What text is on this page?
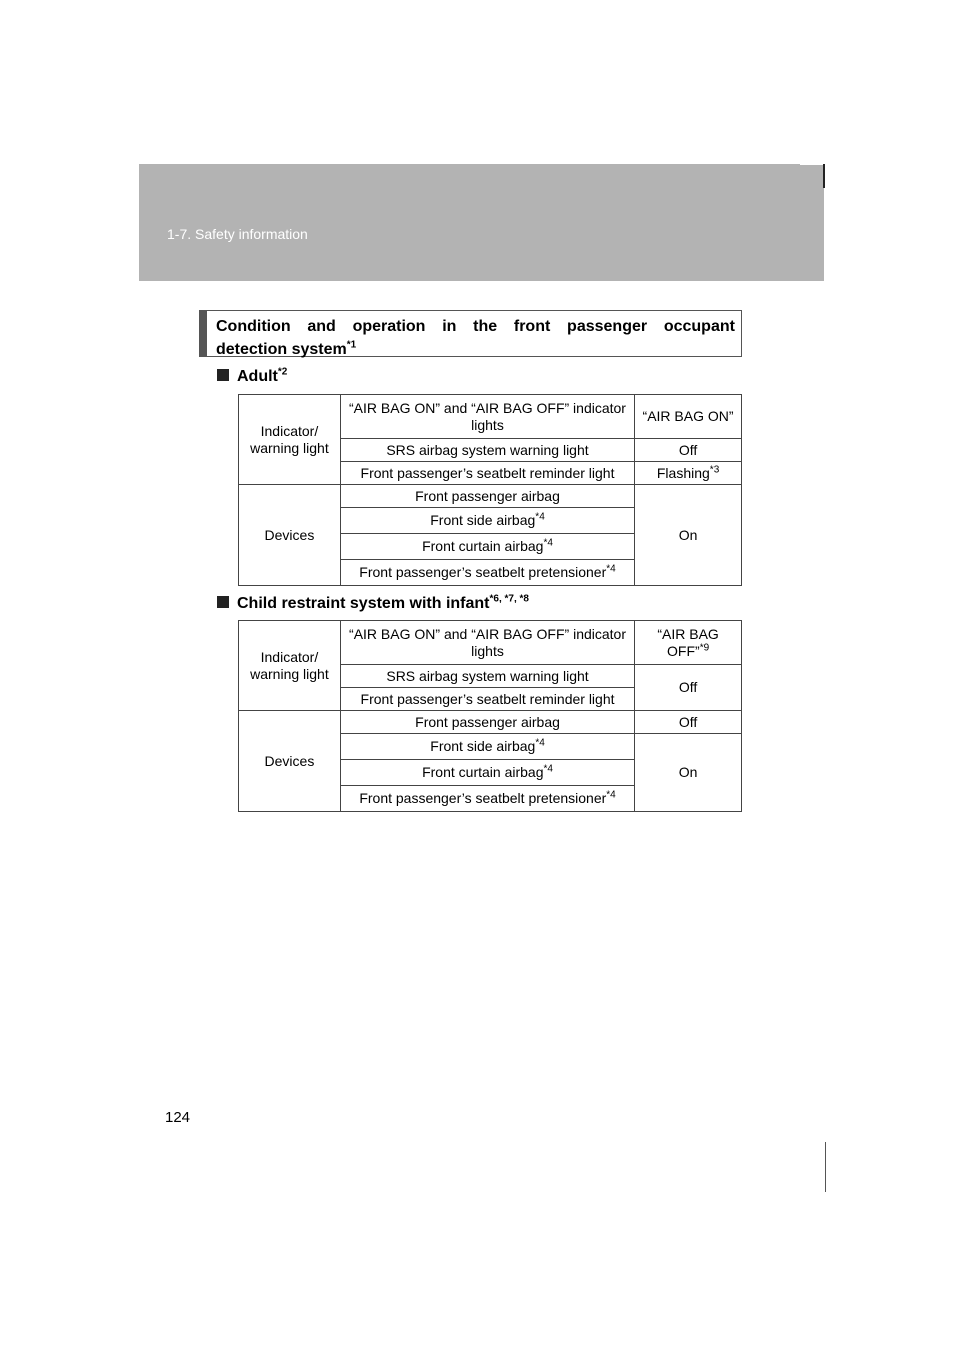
1-7. Safety information
Condition and operation in the front passenger occupant
detection system$^{*1}$
Adult$^{*2}$
Indicator/ warning light	“AIR BAG ON” and “AIR BAG OFF” indicator lights	“AIR BAG ON”
	SRS airbag system warning light	Off
	Front passenger’s seatbelt reminder light	Flashing$^{*3}$
Devices	Front passenger airbag	On
	Front side airbag$^{*4}$
	Front curtain airbag$^{*4}$
	Front passenger’s seatbelt pretensioner$^{*4}$
Child restraint system with infant$^{*6, *7, *8}$
Indicator/ warning light	“AIR BAG ON” and “AIR BAG OFF” indicator lights	“AIR BAG OFF”$^{*9}$
	SRS airbag system warning light	Off
	Front passenger’s seatbelt reminder light	
Devices	Front passenger airbag	Off
	Front side airbag$^{*4}$	On
	Front curtain airbag$^{*4}$
	Front passenger’s seatbelt pretensioner$^{*4}$
124
